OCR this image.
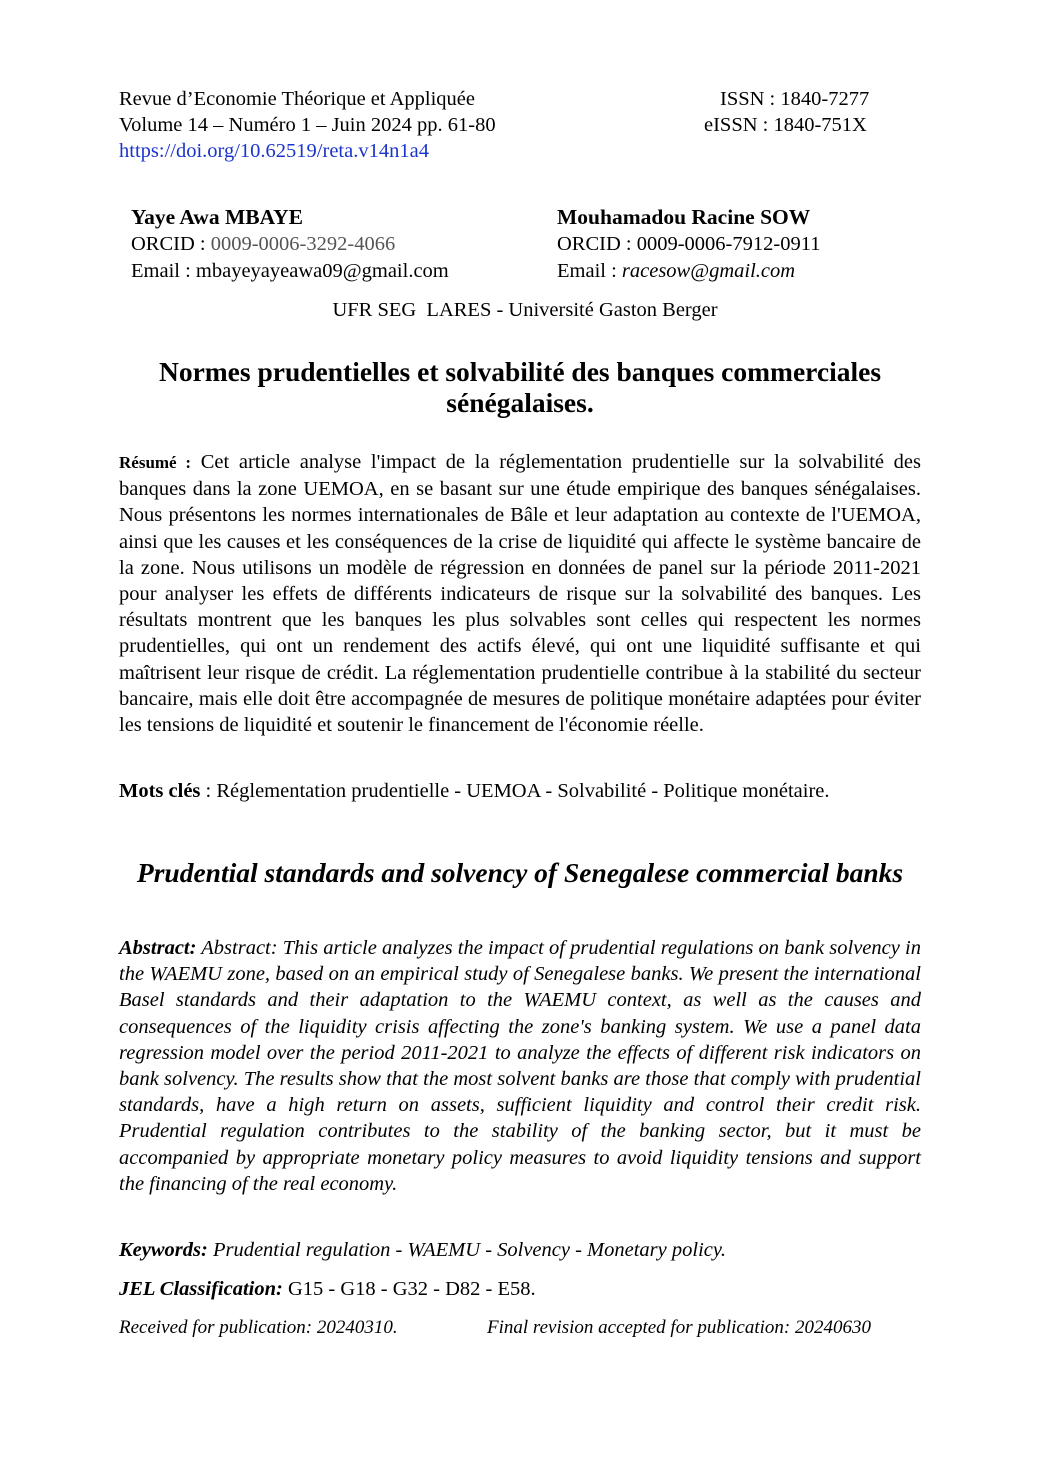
Revue d’Economie Théorique et Appliquée
Volume 14 – Numéro 1 – Juin 2024 pp. 61-80
https://doi.org/10.62519/reta.v14n1a4
ISSN : 1840-7277
eISSN : 1840-751X
Yaye Awa MBAYE
ORCID : 0009-0006-3292-4066
Email : mbayeyayeawa09@gmail.com
Mouhamadou Racine SOW
ORCID : 0009-0006-7912-0911
Email : racesow@gmail.com
UFR SEG  LARES - Université Gaston Berger
Normes prudentielles et solvabilité des banques commerciales sénégalaises.
Résumé : Cet article analyse l'impact de la réglementation prudentielle sur la solvabilité des banques dans la zone UEMOA, en se basant sur une étude empirique des banques sénégalaises. Nous présentons les normes internationales de Bâle et leur adaptation au contexte de l'UEMOA, ainsi que les causes et les conséquences de la crise de liquidité qui affecte le système bancaire de la zone. Nous utilisons un modèle de régression en données de panel sur la période 2011-2021 pour analyser les effets de différents indicateurs de risque sur la solvabilité des banques. Les résultats montrent que les banques les plus solvables sont celles qui respectent les normes prudentielles, qui ont un rendement des actifs élevé, qui ont une liquidité suffisante et qui maîtrisent leur risque de crédit. La réglementation prudentielle contribue à la stabilité du secteur bancaire, mais elle doit être accompagnée de mesures de politique monétaire adaptées pour éviter les tensions de liquidité et soutenir le financement de l'économie réelle.
Mots clés : Réglementation prudentielle - UEMOA - Solvabilité - Politique monétaire.
Prudential standards and solvency of Senegalese commercial banks
Abstract: Abstract: This article analyzes the impact of prudential regulations on bank solvency in the WAEMU zone, based on an empirical study of Senegalese banks. We present the international Basel standards and their adaptation to the WAEMU context, as well as the causes and consequences of the liquidity crisis affecting the zone's banking system. We use a panel data regression model over the period 2011-2021 to analyze the effects of different risk indicators on bank solvency. The results show that the most solvent banks are those that comply with prudential standards, have a high return on assets, sufficient liquidity and control their credit risk. Prudential regulation contributes to the stability of the banking sector, but it must be accompanied by appropriate monetary policy measures to avoid liquidity tensions and support the financing of the real economy.
Keywords: Prudential regulation - WAEMU - Solvency - Monetary policy.
JEL Classification: G15 - G18 - G32 - D82 - E58.
Received for publication: 20240310.	Final revision accepted for publication: 20240630
